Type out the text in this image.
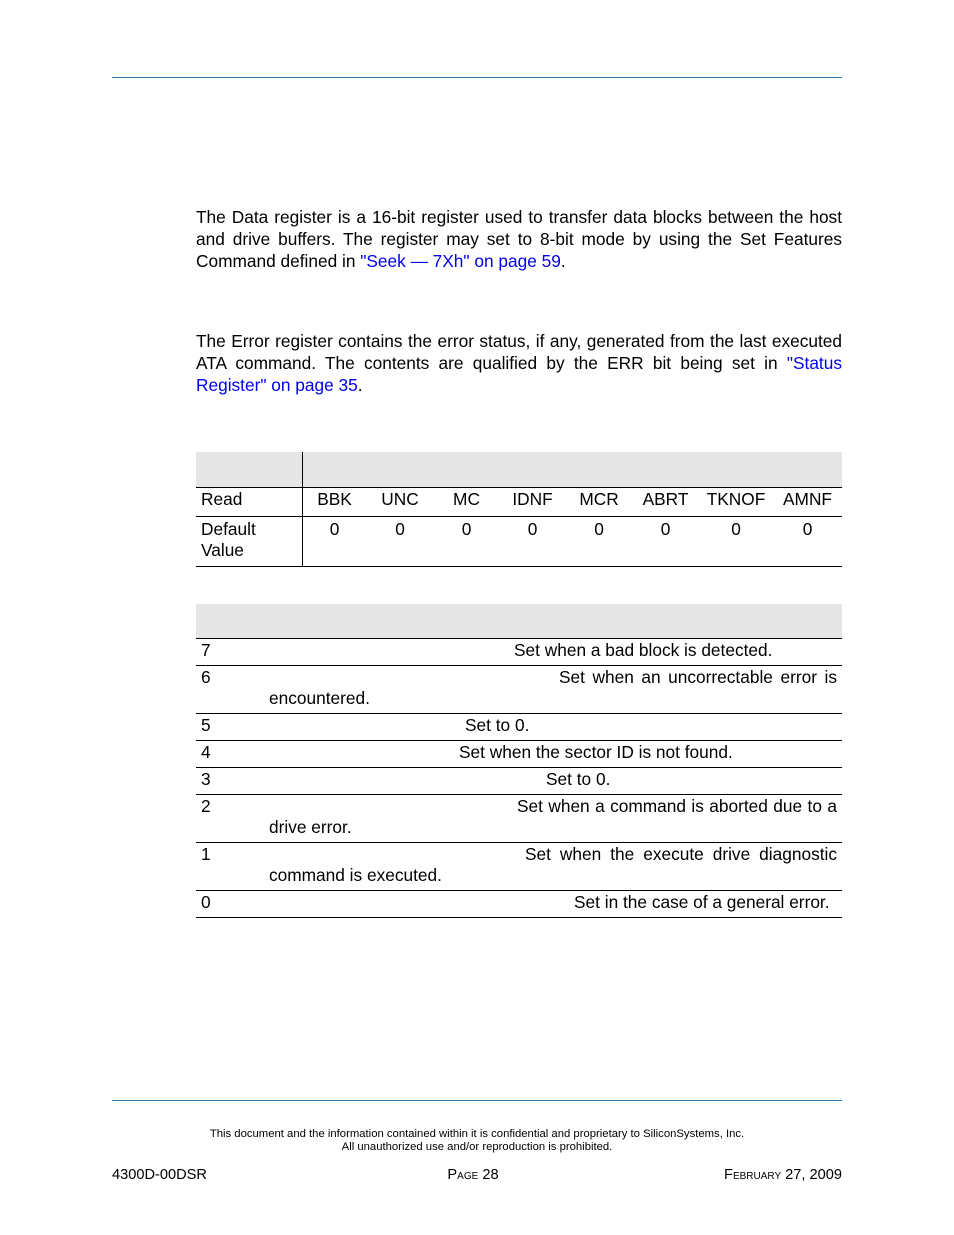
The Data register is a 16-bit register used to transfer data blocks between the host and drive buffers. The register may set to 8-bit mode by using the Set Features Command defined in "Seek — 7Xh" on page 59.

The Error register contains the error status, if any, generated from the last executed ATA command. The contents are qualified by the ERR bit being set in "Status Register" on page 35.

Read	BBK	UNC	MC	IDNF	MCR	ABRT	TKNOF	AMNF
Default Value	0	0	0	0	0	0	0	0

7	Set when a bad block is detected.

6	Set when an uncorrectable error is encountered.

5	Set to 0.

4	Set when the sector ID is not found.

3	Set to 0.

2	Set when a command is aborted due to a drive error.

1	Set when the execute drive diagnostic command is executed.

0	Set in the case of a general error.
This document and the information contained within it is confidential and proprietary to SiliconSystems, Inc.
All unauthorized use and/or reproduction is prohibited.
4300D-00DSR	Page 28	February 27, 2009
